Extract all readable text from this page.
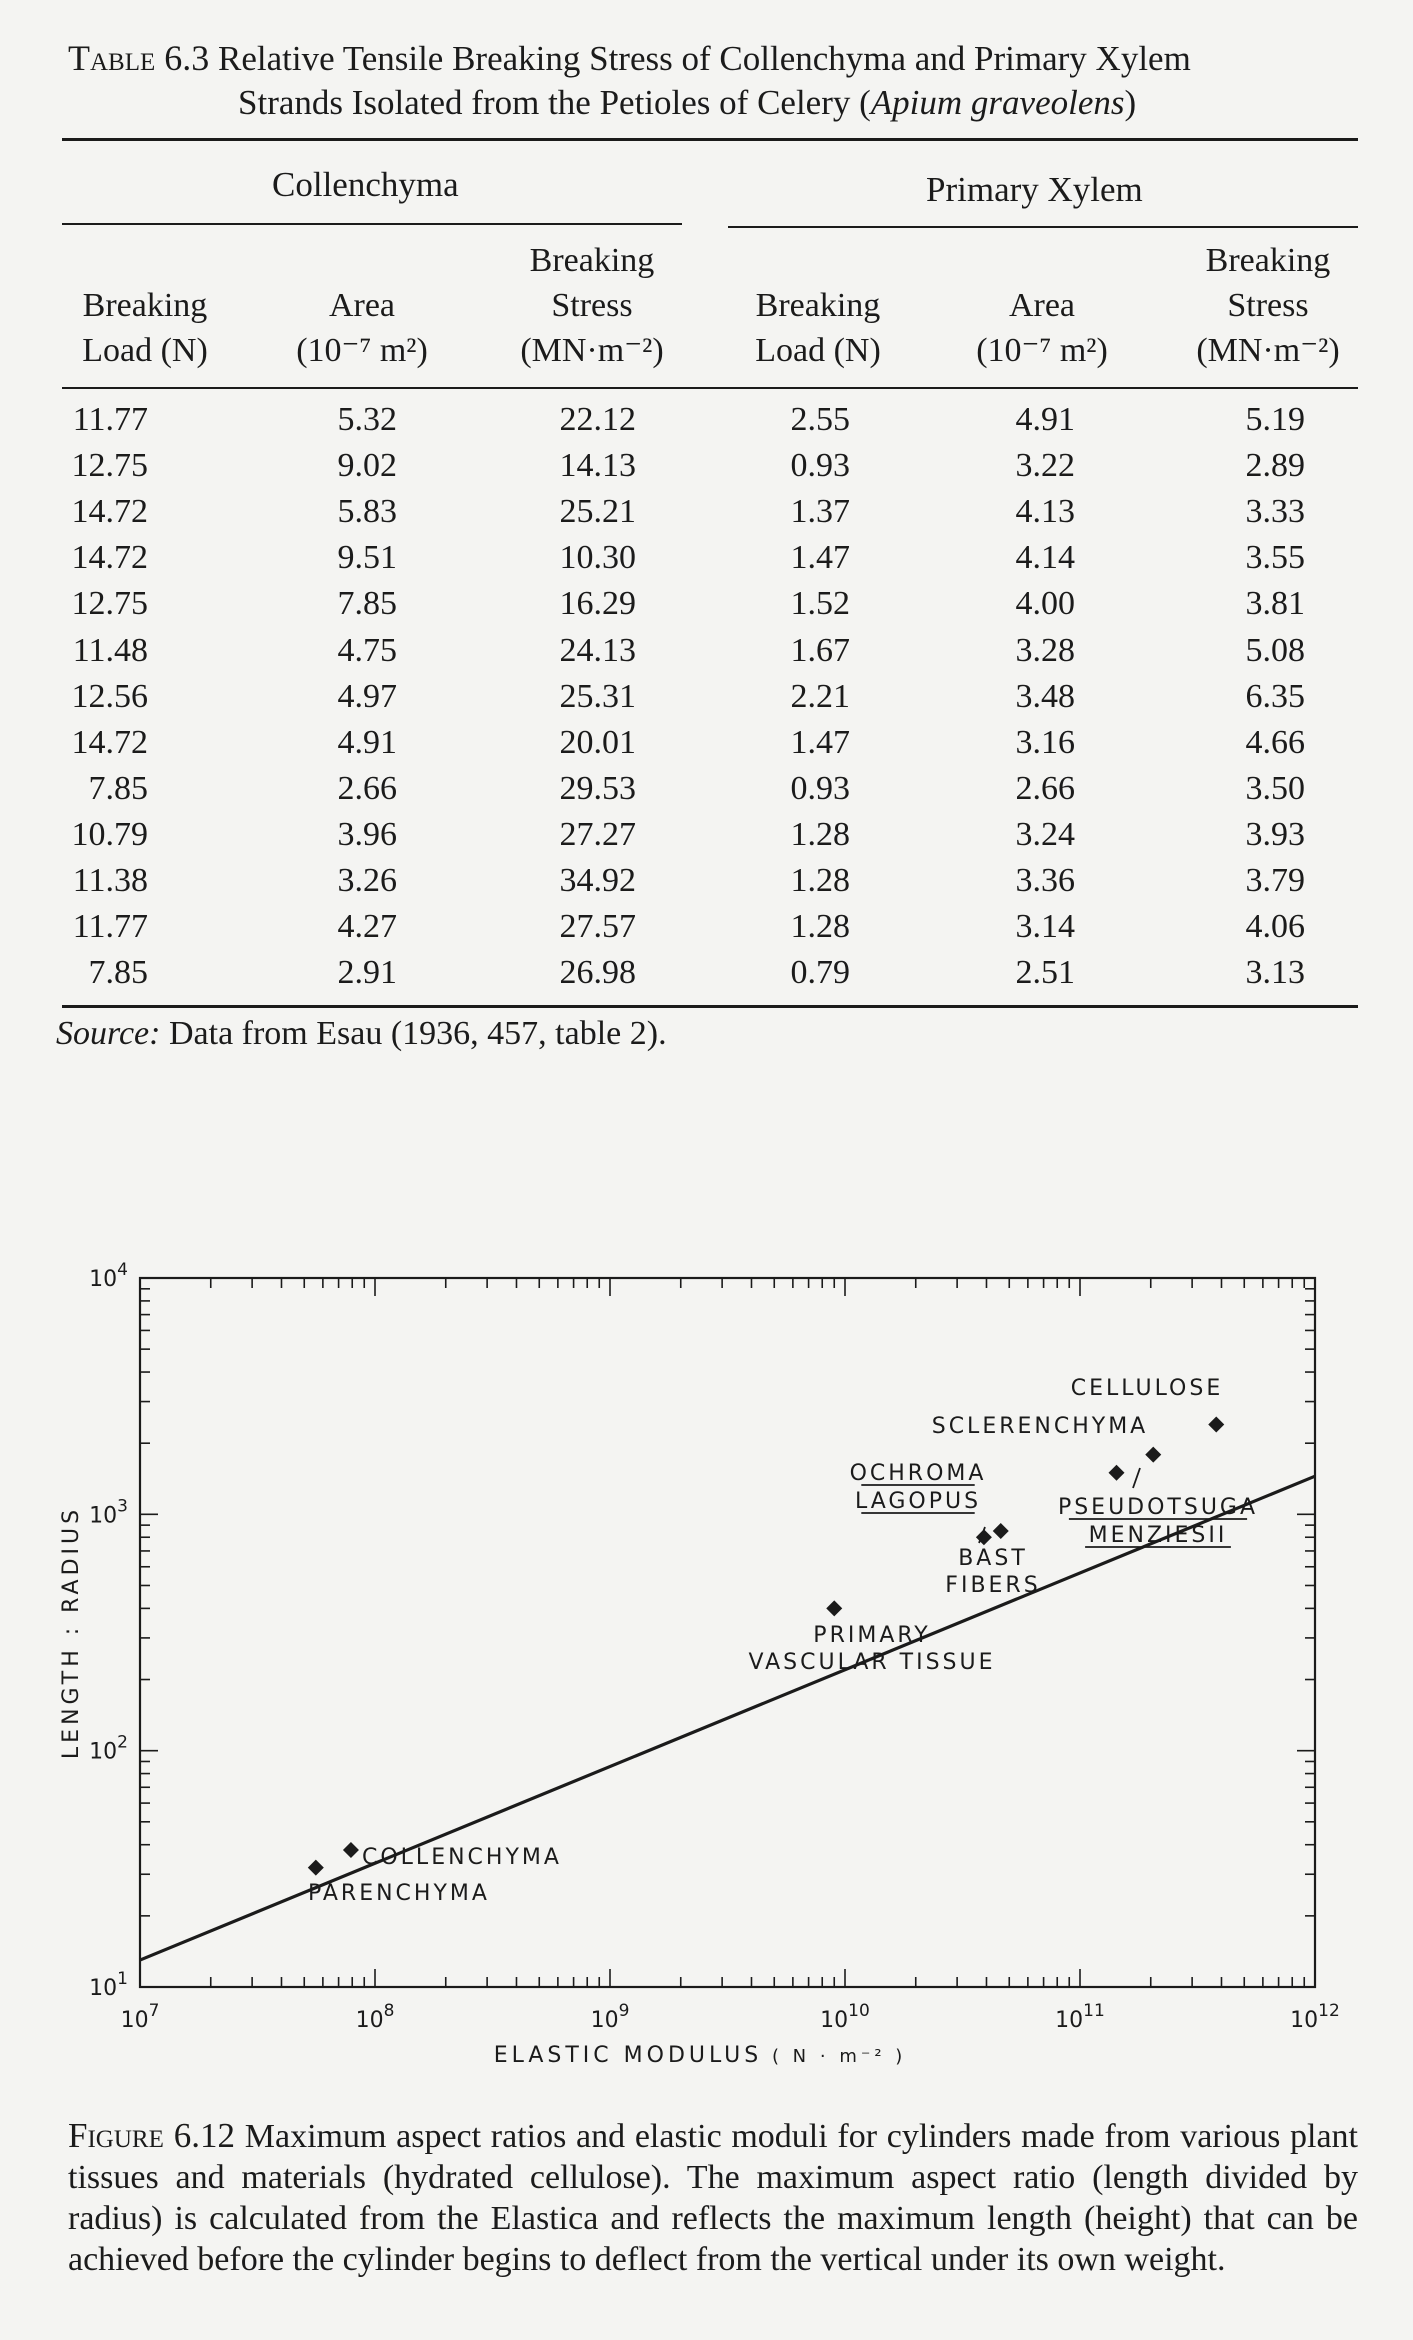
Table 6.3 Relative Tensile Breaking Stress of Collenchyma and Primary Xylem
Strands Isolated from the Petioles of Celery (Apium graveolens)
Collenchyma	Primary Xylem
Breaking
Load (N)
Area
(10⁻⁷ m²)
Breaking
Stress
(MN·m⁻²)
Breaking
Load (N)
Area
(10⁻⁷ m²)
Breaking
Stress
(MN·m⁻²)
11.77	5.32	22.12	2.55	4.91	5.19
12.75	9.02	14.13	0.93	3.22	2.89
14.72	5.83	25.21	1.37	4.13	3.33
14.72	9.51	10.30	1.47	4.14	3.55
12.75	7.85	16.29	1.52	4.00	3.81
11.48	4.75	24.13	1.67	3.28	5.08
12.56	4.97	25.31	2.21	3.48	6.35
14.72	4.91	20.01	1.47	3.16	4.66
7.85	2.66	29.53	0.93	2.66	3.50
10.79	3.96	27.27	1.28	3.24	3.93
11.38	3.26	34.92	1.28	3.36	3.79
11.77	4.27	27.57	1.28	3.14	4.06
7.85	2.91	26.98	0.79	2.51	3.13
Source: Data from Esau (1936, 457, table 2).
$10^7$	$10^8$	$10^9$	$10^{10}$	$10^{11}$	$10^{12}$
$10^1$
$10^2$
$10^3$
$10^4$
ELASTIC MODULUS ( N · m⁻² )
LENGTH : RADIUS
CELLULOSE
SCLERENCHYMA
OCHROMA
LAGOPUS
BAST
FIBERS
PSEUDOTSUGA
MENZIESII
PRIMARY
VASCULAR TISSUE
COLLENCHYMA
PARENCHYMA
Figure 6.12 Maximum aspect ratios and elastic moduli for cylinders made from various plant tissues and materials (hydrated cellulose). The maximum aspect ratio (length divided by radius) is calculated from the Elastica and reflects the maximum length (height) that can be achieved before the cylinder begins to deflect from the vertical under its own weight.
